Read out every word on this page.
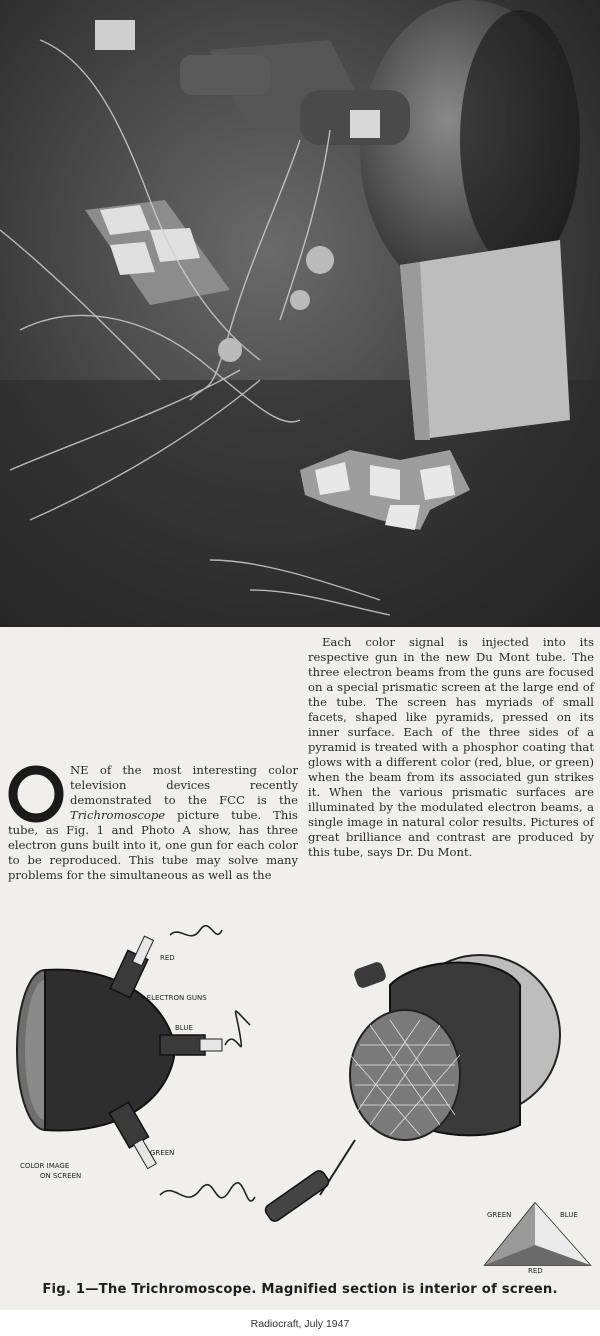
Each color signal is injected into its respective gun in the new Du Mont tube. The three electron beams from the guns are focused on a special prismatic screen at the large end of the tube. The screen has myriads of small facets, shaped like pyramids, pressed on its inner surface. Each of the three sides of a pyramid is treated with a phosphor coating that glows with a different color (red, blue, or green) when the beam from its associated gun strikes it. When the various prismatic surfaces are illuminated by the modulated electron beams, a single image in natural color results. Pictures of great brilliance and contrast are produced by this tube, says Dr. Du Mont.
NE of the most interesting color television devices recently demonstrated to the FCC is the Trichromoscope picture tube. This tube, as Fig. 1 and Photo A show, has three electron guns built into it, one gun for each color to be reproduced. This tube may solve many problems for the simultaneous as well as the
RED
3 ELECTRON GUNS
BLUE
GREEN
COLOR IMAGE
ON SCREEN
GREEN	BLUE
RED
Fig. 1—The Trichromoscope. Magnified section is interior of screen.
Radiocraft, July 1947
